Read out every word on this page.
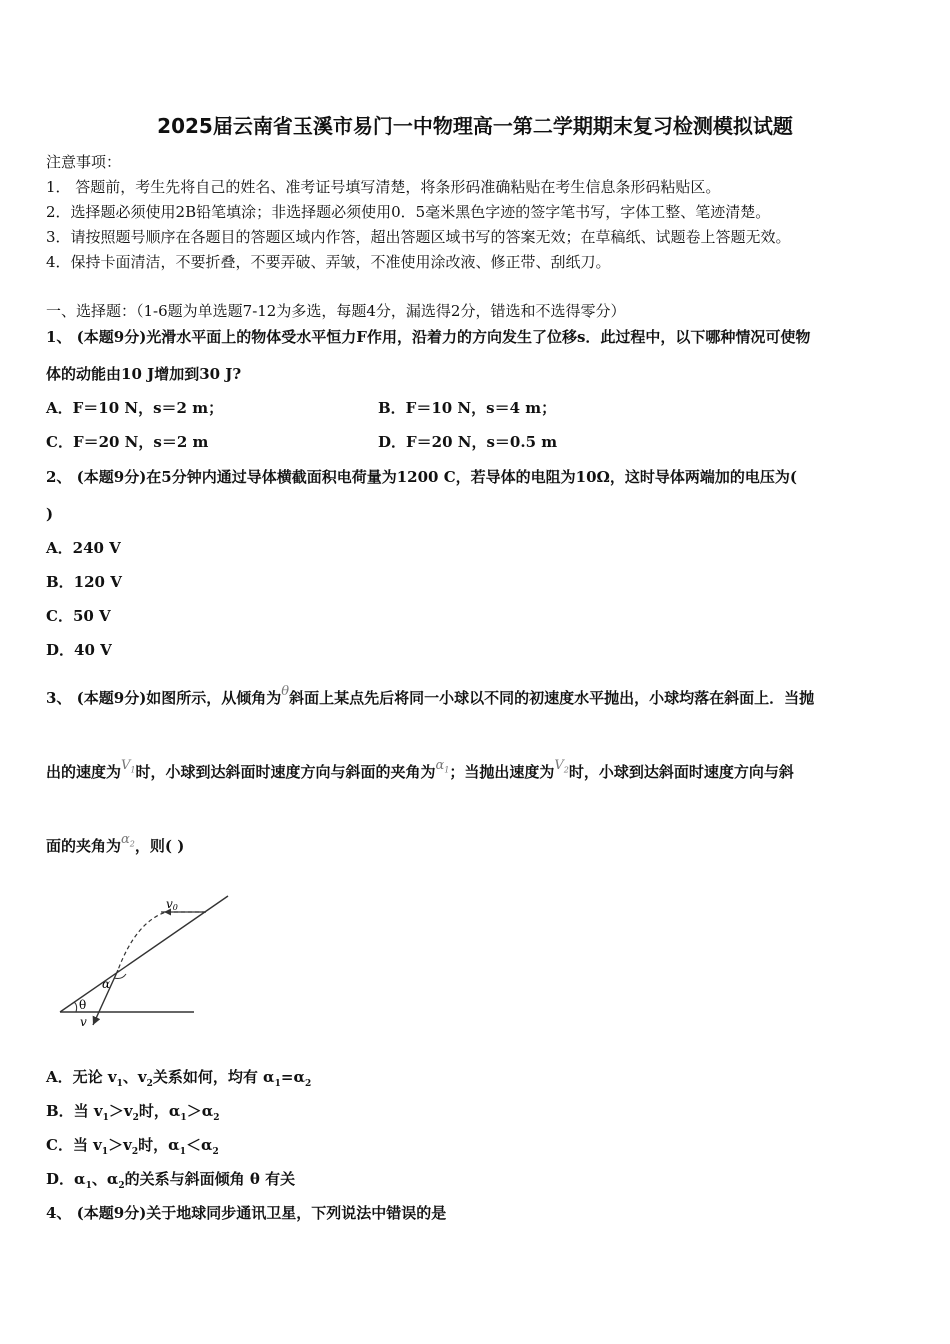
2025届云南省玉溪市易门一中物理高一第二学期期末复习检测模拟试题
注意事项：
1． 答题前，考生先将自己的姓名、准考证号填写清楚，将条形码准确粘贴在考生信息条形码粘贴区。
2．选择题必须使用2B铅笔填涂；非选择题必须使用0．5毫米黑色字迹的签字笔书写，字体工整、笔迹清楚。
3．请按照题号顺序在各题目的答题区域内作答，超出答题区域书写的答案无效；在草稿纸、试题卷上答题无效。
4．保持卡面清洁，不要折叠，不要弄破、弄皱，不准使用涂改液、修正带、刮纸刀。
一、选择题：（1-6题为单选题7-12为多选，每题4分，漏选得2分，错选和不选得零分）
1、 (本题9分)光滑水平面上的物体受水平恒力F作用，沿着力的方向发生了位移s．此过程中，以下哪种情况可使物
体的动能由10 J增加到30 J?
A．F＝10 N，s＝2 m；	B．F＝10 N，s＝4 m；
C．F＝20 N，s＝2 m	D．F＝20 N，s＝0.5 m
2、 (本题9分)在5分钟内通过导体横截面积电荷量为1200 C，若导体的电阻为10Ω，这时导体两端加的电压为(
)
A．240 V
B．120 V
C．50 V
D．40 V
3、 (本题9分)如图所示，从倾角为θ斜面上某点先后将同一小球以不同的初速度水平抛出，小球均落在斜面上．当抛
出的速度为$V_1$时，小球到达斜面时速度方向与斜面的夹角为$\alpha_1$；当抛出速度为$V_2$时，小球到达斜面时速度方向与斜
面的夹角为$\alpha_2$，则( )
v0
α
θ
v
A．无论 $v_1$、$v_2$关系如何，均有 $\alpha_1=\alpha_2$
B．当 $v_1>v_2$时，$\alpha_1>\alpha_2$
C．当 $v_1>v_2$时，$\alpha_1<\alpha_2$
D．$\alpha_1$、$\alpha_2$的关系与斜面倾角 θ 有关
4、 (本题9分)关于地球同步通讯卫星，下列说法中错误的是
